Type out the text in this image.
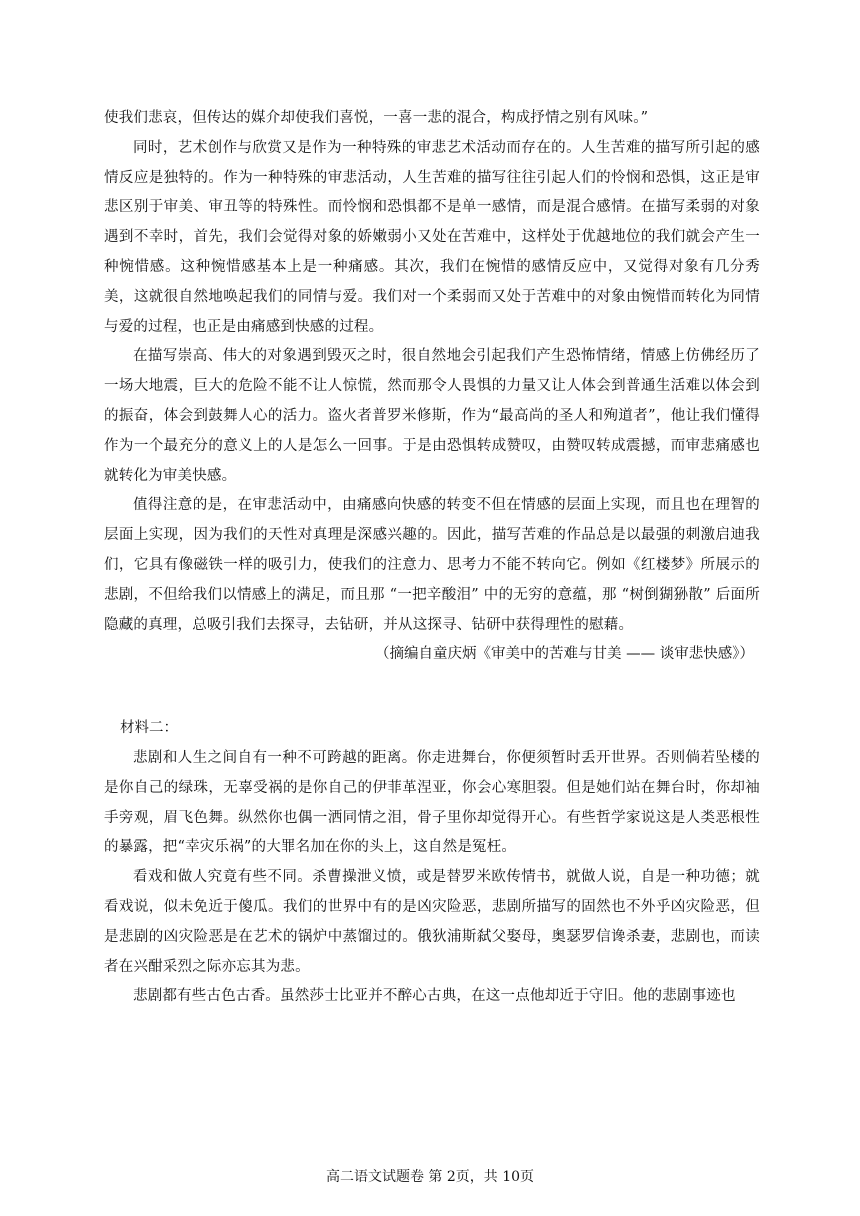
使我们悲哀，但传达的媒介却使我们喜悦，一喜一悲的混合，构成抒情之别有风味。”

同时，艺术创作与欣赏又是作为一种特殊的审悲艺术活动而存在的。人生苦难的描写所引起的感情反应是独特的。作为一种特殊的审悲活动，人生苦难的描写往往引起人们的怜悯和恐惧，这正是审悲区别于审美、审丑等的特殊性。而怜悯和恐惧都不是单一感情，而是混合感情。在描写柔弱的对象遇到不幸时，首先，我们会觉得对象的娇嫩弱小又处在苦难中，这样处于优越地位的我们就会产生一种惋惜感。这种惋惜感基本上是一种痛感。其次，我们在惋惜的感情反应中，又觉得对象有几分秀美，这就很自然地唤起我们的同情与爱。我们对一个柔弱而又处于苦难中的对象由惋惜而转化为同情与爱的过程，也正是由痛感到快感的过程。

在描写崇高、伟大的对象遇到毁灭之时，很自然地会引起我们产生恐怖情绪，情感上仿佛经历了一场大地震，巨大的危险不能不让人惊慌，然而那令人畏惧的力量又让人体会到普通生活难以体会到的振奋，体会到鼓舞人心的活力。盗火者普罗米修斯，作为“最高尚的圣人和殉道者”，他让我们懂得作为一个最充分的意义上的人是怎么一回事。于是由恐惧转成赞叹，由赞叹转成震撼，而审悲痛感也就转化为审美快感。

值得注意的是，在审悲活动中，由痛感向快感的转变不但在情感的层面上实现，而且也在理智的层面上实现，因为我们的天性对真理是深感兴趣的。因此，描写苦难的作品总是以最强的刺激启迪我们，它具有像磁铁一样的吸引力，使我们的注意力、思考力不能不转向它。例如《红楼梦》所展示的悲剧，不但给我们以情感上的满足，而且那 “一把辛酸泪” 中的无穷的意蕴，那 “树倒猢狲散” 后面所隐藏的真理，总吸引我们去探寻，去钻研，并从这探寻、钻研中获得理性的慰藉。

（摘编自童庆炳《审美中的苦难与甘美 —— 谈审悲快感》）

材料二：

悲剧和人生之间自有一种不可跨越的距离。你走进舞台，你便须暂时丢开世界。否则倘若坠楼的是你自己的绿珠，无辜受祸的是你自己的伊菲革涅亚，你会心寒胆裂。但是她们站在舞台时，你却袖手旁观，眉飞色舞。纵然你也偶一洒同情之泪，骨子里你却觉得开心。有些哲学家说这是人类恶根性的暴露，把“幸灾乐祸”的大罪名加在你的头上，这自然是冤枉。

看戏和做人究竟有些不同。杀曹操泄义愤，或是替罗米欧传情书，就做人说，自是一种功德；就看戏说，似未免近于傻瓜。我们的世界中有的是凶灾险恶，悲剧所描写的固然也不外乎凶灾险恶，但是悲剧的凶灾险恶是在艺术的锅炉中蒸馏过的。俄狄浦斯弑父娶母，奥瑟罗信谗杀妻，悲剧也，而读者在兴酣采烈之际亦忘其为悲。

悲剧都有些古色古香。虽然莎士比亚并不醉心古典，在这一点他却近于守旧。他的悲剧事迹也

高二语文试题卷 第 2页，共 10页
